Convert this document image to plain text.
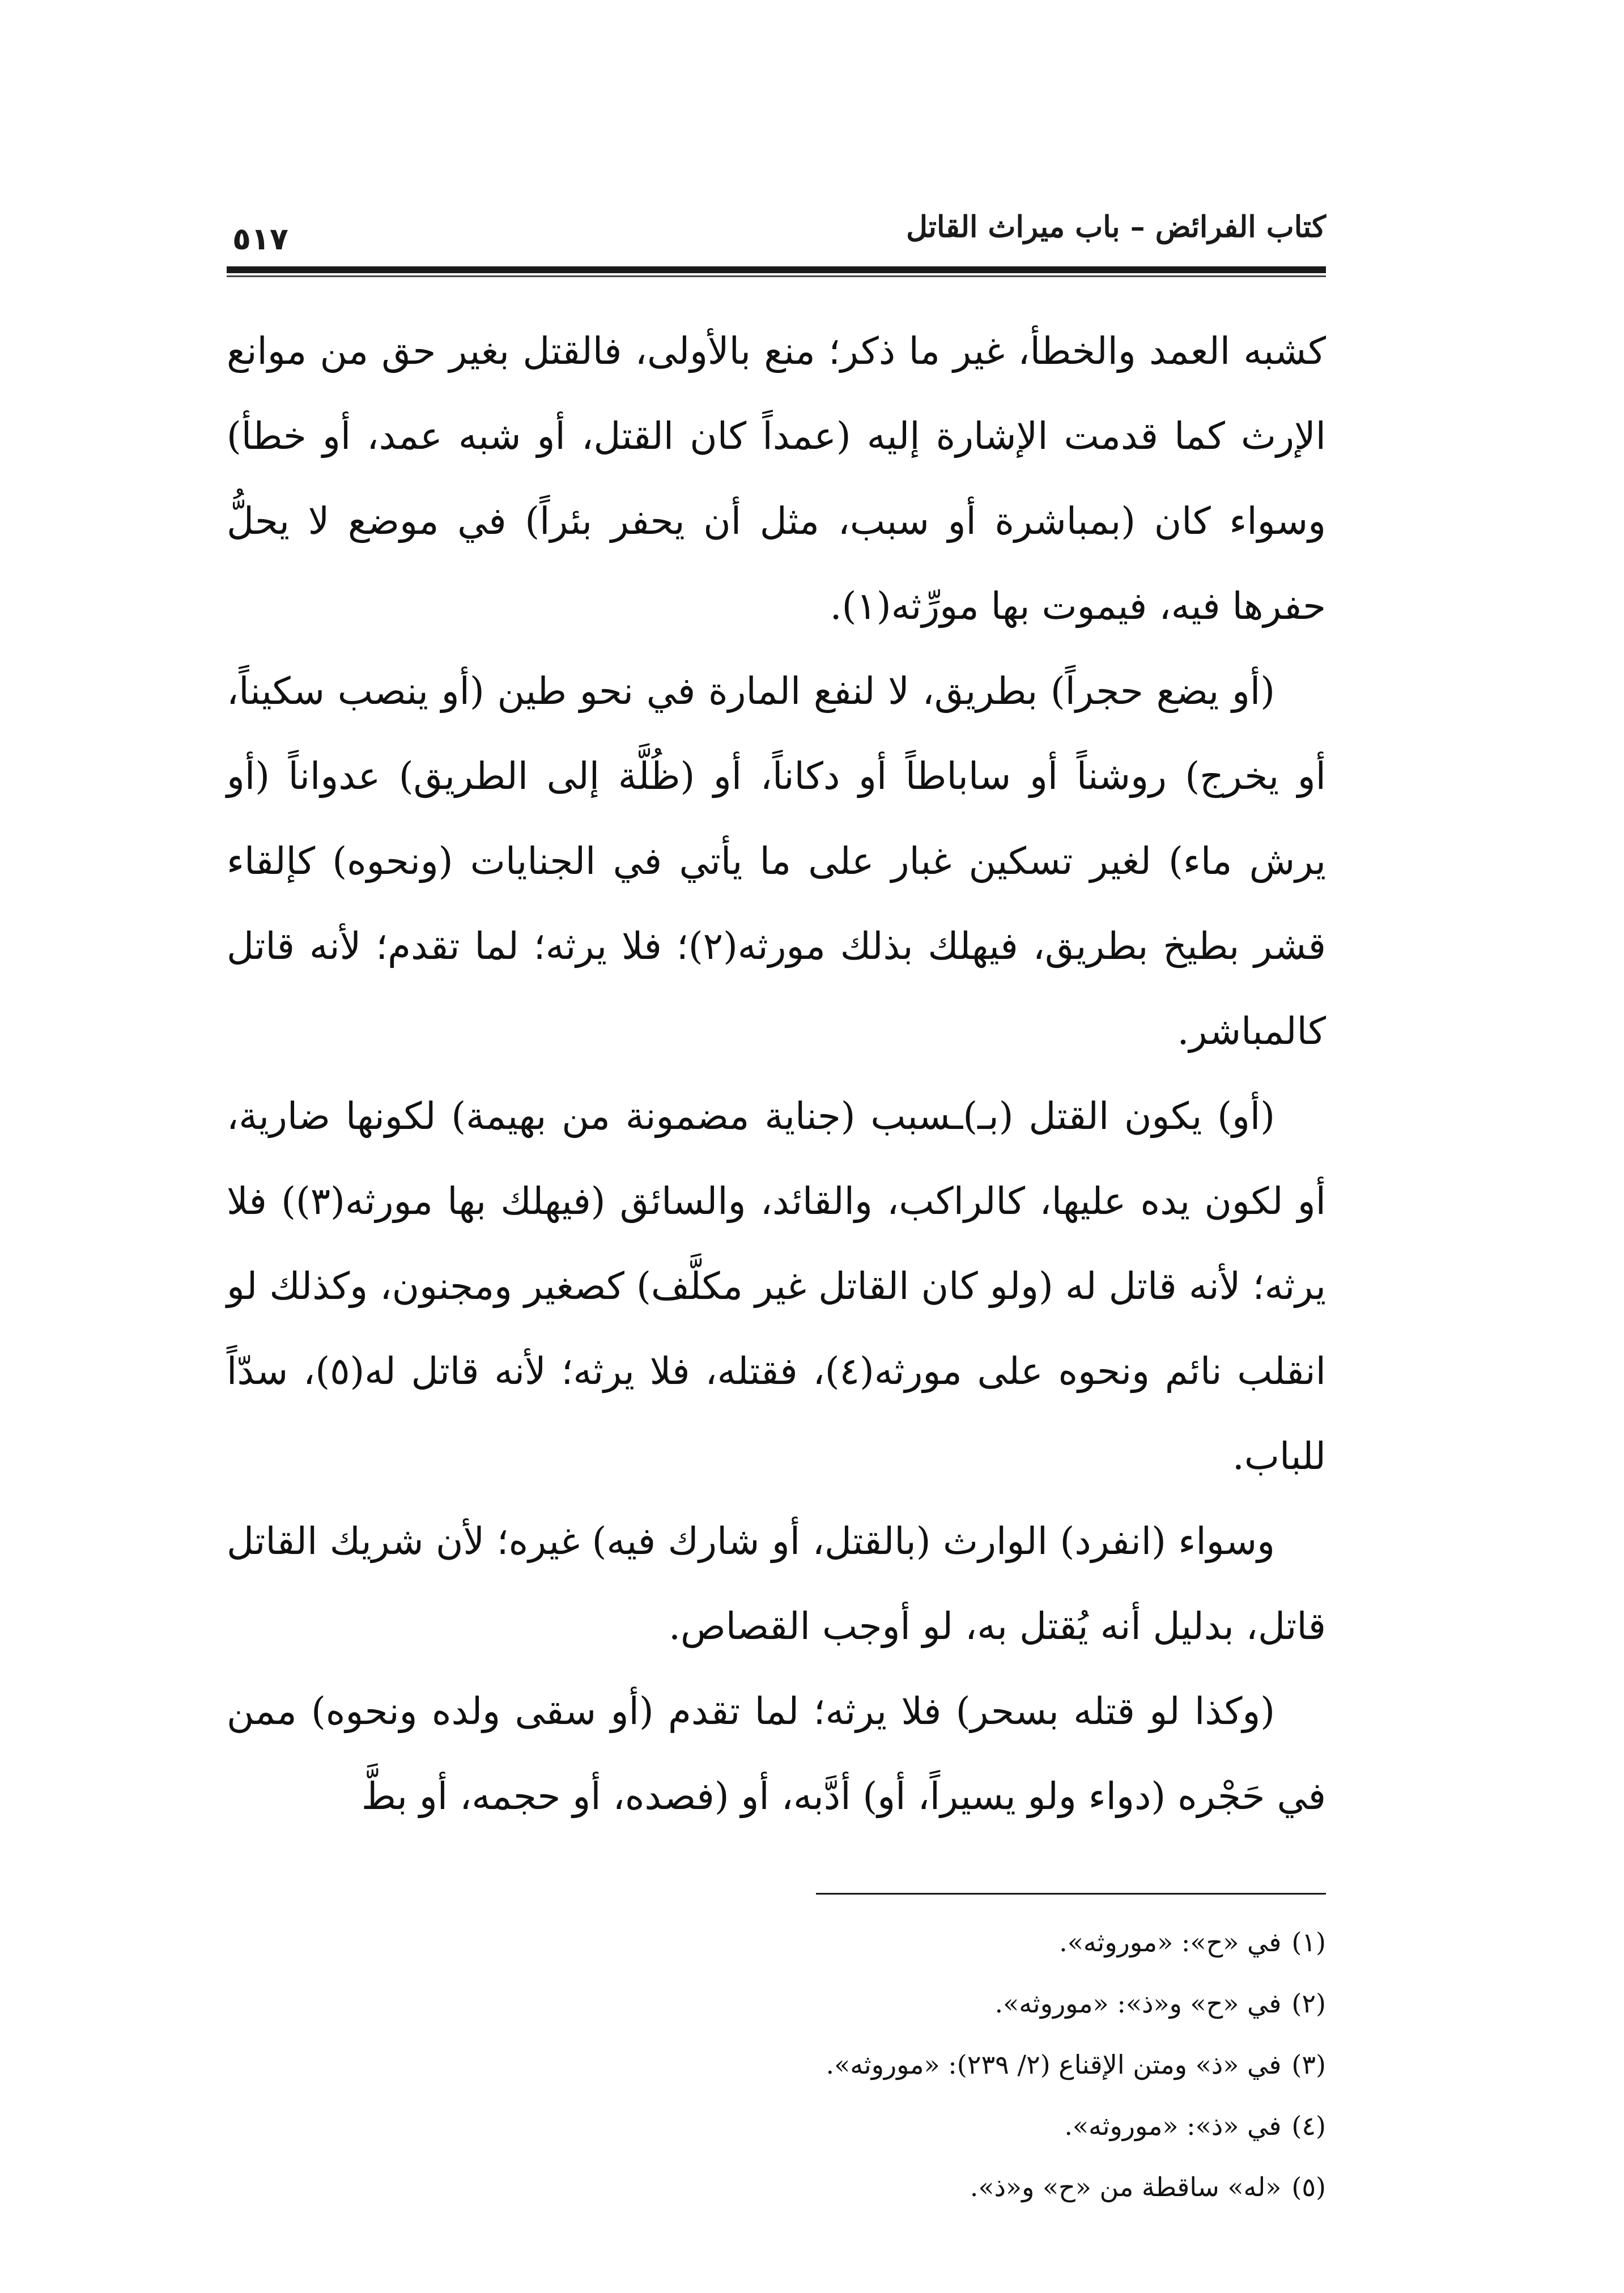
كتاب الفرائض – باب ميراث القاتل
٥١٧

كشبه العمد والخطأ، غير ما ذكر؛ منع بالأولى، فالقتل بغير حق من موانع الإرث كما قدمت الإشارة إليه (عمداً كان القتل، أو شبه عمد، أو خطأ) وسواء كان (بمباشرة أو سبب، مثل أن يحفر بئراً) في موضع لا يحلُّ حفرها فيه، فيموت بها مورِّثه(١).

(أو يضع حجراً) بطريق، لا لنفع المارة في نحو طين (أو ينصب سكيناً، أو يخرج) روشناً أو ساباطاً أو دكاناً، أو (ظُلَّة إلى الطريق) عدواناً (أو يرش ماء) لغير تسكين غبار على ما يأتي في الجنايات (ونحوه) كإلقاء قشر بطيخ بطريق، فيهلك بذلك مورثه(٢)؛ فلا يرثه؛ لما تقدم؛ لأنه قاتل كالمباشر.

(أو) يكون القتل (بـ)ـسبب (جناية مضمونة من بهيمة) لكونها ضارية، أو لكون يده عليها، كالراكب، والقائد، والسائق (فيهلك بها مورثه(٣)) فلا يرثه؛ لأنه قاتل له (ولو كان القاتل غير مكلَّف) كصغير ومجنون، وكذلك لو انقلب نائم ونحوه على مورثه(٤)، فقتله، فلا يرثه؛ لأنه قاتل له(٥)، سدّاً للباب.

وسواء (انفرد) الوارث (بالقتل، أو شارك فيه) غيره؛ لأن شريك القاتل قاتل، بدليل أنه يُقتل به، لو أوجب القصاص.

(وكذا لو قتله بسحر) فلا يرثه؛ لما تقدم (أو سقى ولده ونحوه) ممن في حَجْره (دواء ولو يسيراً، أو) أدَّبه، أو (فصده، أو حجمه، أو بطَّ

(١)في «ح»: «موروثه».
(٢)في «ح» و«ذ»: «موروثه».
(٣)في «ذ» ومتن الإقناع (٢/ ٢٣٩): «موروثه».
(٤)في «ذ»: «موروثه».
(٥)«له» ساقطة من «ح» و«ذ».
